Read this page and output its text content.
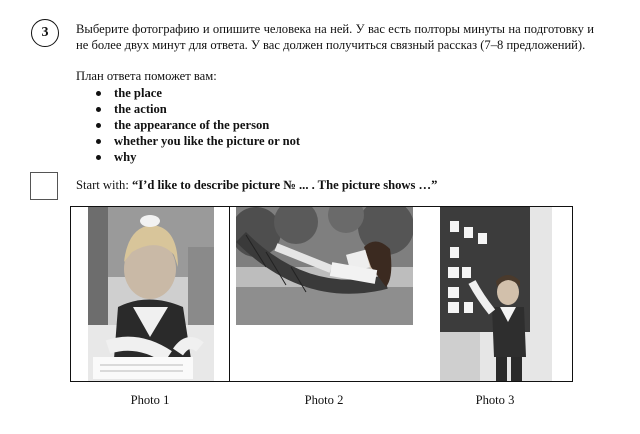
3 Выберите фотографию и опишите человека на ней. У вас есть полторы минуты на подготовку и не более двух минут для ответа. У вас должен получиться связный рассказ (7–8 предложений).

План ответа поможет вам:

the place
the action
the appearance of the person
whether you like the picture or not
why
Start with: “I’d like to describe picture № ... . The picture shows …”
Photo 1	Photo 2	Photo 3
